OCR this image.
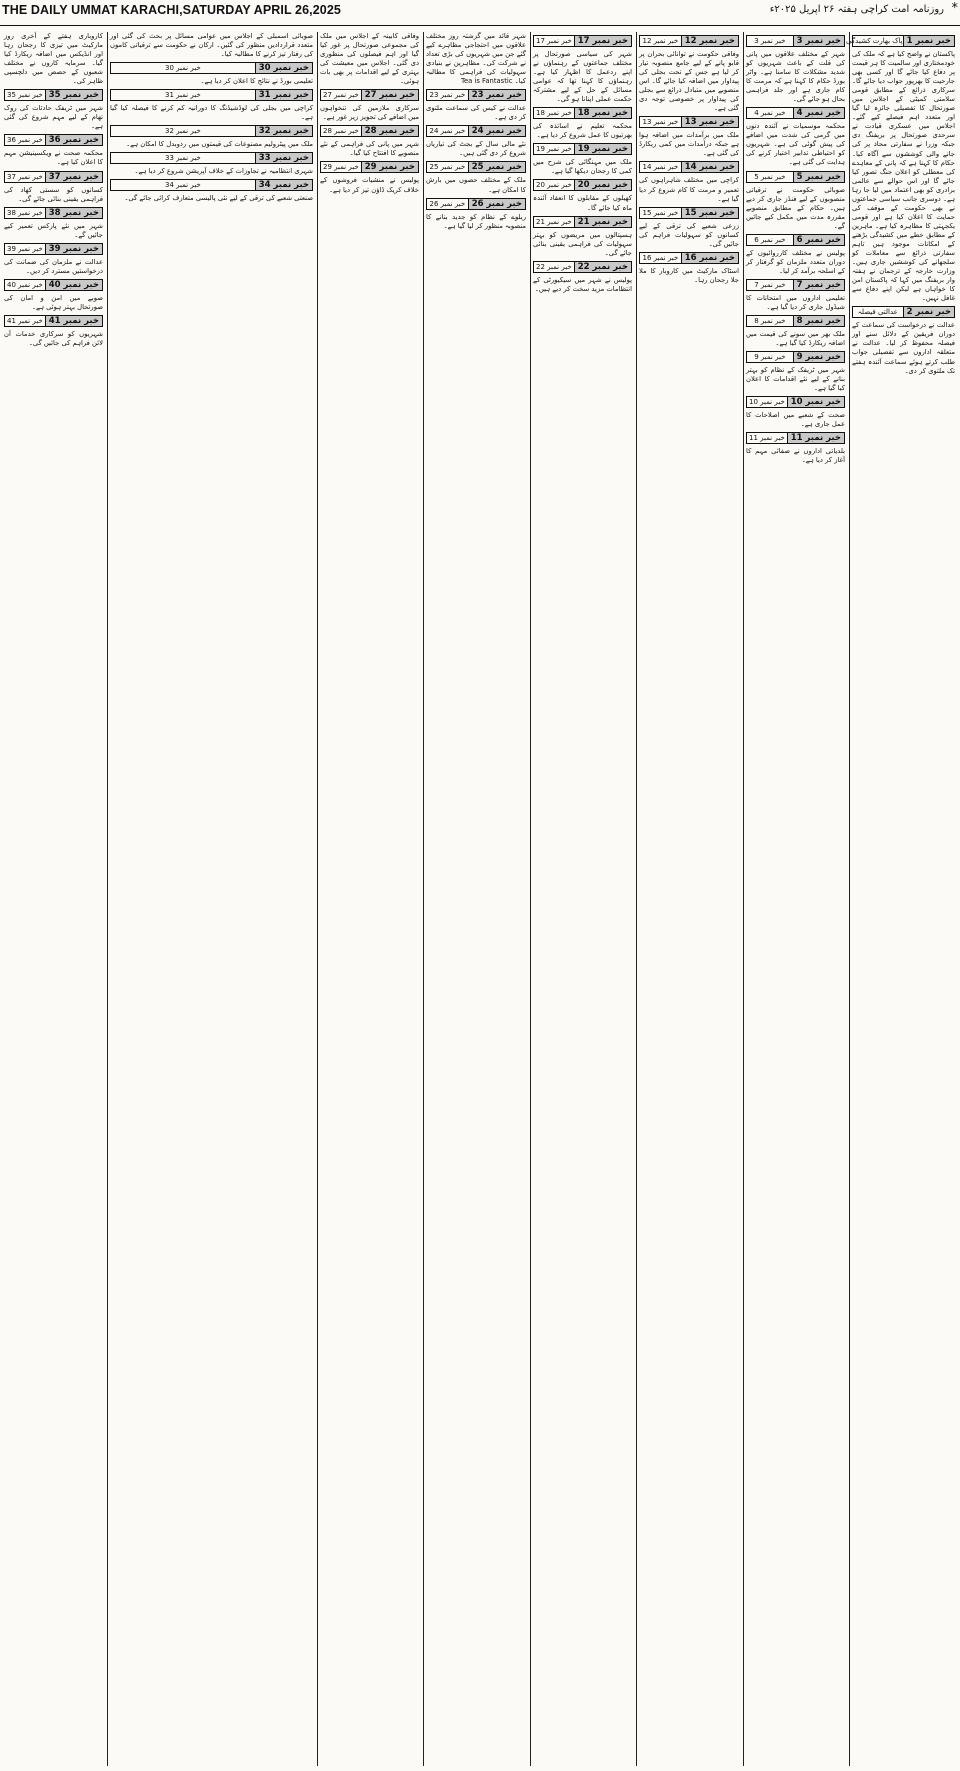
THE DAILY UMMAT KARACHI,SATURDAY APRIL 26,2025	روزنامہ امت کراچی ہفتہ ۲۶ اپریل ۲۰۲۵ء *
خبر نمبر 1
پاک بھارت کشیدگی

پاکستان نے واضح کیا ہے کہ ملک کی خودمختاری اور سالمیت کا ہر قیمت پر دفاع کیا جائے گا اور کسی بھی جارحیت کا بھرپور جواب دیا جائے گا۔ سرکاری ذرائع کے مطابق قومی سلامتی کمیٹی کے اجلاس میں صورتحال کا تفصیلی جائزہ لیا گیا اور متعدد اہم فیصلے کیے گئے۔ اجلاس میں عسکری قیادت نے سرحدی صورتحال پر بریفنگ دی جبکہ وزرا نے سفارتی محاذ پر کی جانے والی کوششوں سے آگاہ کیا۔ حکام کا کہنا ہے کہ پانی کے معاہدے کی معطلی کو اعلان جنگ تصور کیا جائے گا اور اس حوالے سے عالمی برادری کو بھی اعتماد میں لیا جا رہا ہے۔ دوسری جانب سیاسی جماعتوں نے بھی حکومت کے موقف کی حمایت کا اعلان کیا ہے اور قومی یکجہتی کا مظاہرہ کیا ہے۔ ماہرین کے مطابق خطے میں کشیدگی بڑھنے کے امکانات موجود ہیں تاہم سفارتی ذرائع سے معاملات کو سلجھانے کی کوششیں جاری ہیں۔ وزارت خارجہ کے ترجمان نے ہفتہ وار بریفنگ میں کہا کہ پاکستان امن کا خواہاں ہے لیکن اپنے دفاع سے غافل نہیں۔

خبر نمبر 2
عدالتی فیصلہ

عدالت نے درخواست کی سماعت کے دوران فریقین کے دلائل سنے اور فیصلہ محفوظ کر لیا۔ عدالت نے متعلقہ اداروں سے تفصیلی جواب طلب کرتے ہوئے سماعت آئندہ ہفتے تک ملتوی کر دی۔

خبر نمبر 3
خبر نمبر 3

شہر کے مختلف علاقوں میں پانی کی قلت کے باعث شہریوں کو شدید مشکلات کا سامنا ہے۔ واٹر بورڈ حکام کا کہنا ہے کہ مرمت کا کام جاری ہے اور جلد فراہمی بحال ہو جائے گی۔

خبر نمبر 4
خبر نمبر 4

محکمہ موسمیات نے آئندہ دنوں میں گرمی کی شدت میں اضافے کی پیش گوئی کی ہے۔ شہریوں کو احتیاطی تدابیر اختیار کرنے کی ہدایت کی گئی ہے۔

خبر نمبر 5
خبر نمبر 5

صوبائی حکومت نے ترقیاتی منصوبوں کے لیے فنڈز جاری کر دیے ہیں۔ حکام کے مطابق منصوبے مقررہ مدت میں مکمل کیے جائیں گے۔

خبر نمبر 6
خبر نمبر 6

پولیس نے مختلف کارروائیوں کے دوران متعدد ملزمان کو گرفتار کر کے اسلحہ برآمد کر لیا۔

خبر نمبر 7
خبر نمبر 7

تعلیمی اداروں میں امتحانات کا شیڈول جاری کر دیا گیا ہے۔

خبر نمبر 8
خبر نمبر 8

ملک بھر میں سونے کی قیمت میں اضافہ ریکارڈ کیا گیا ہے۔

خبر نمبر 9
خبر نمبر 9

شہر میں ٹریفک کے نظام کو بہتر بنانے کے لیے نئے اقدامات کا اعلان کیا گیا ہے۔

خبر نمبر 10
خبر نمبر 10

صحت کے شعبے میں اصلاحات کا عمل جاری ہے۔

خبر نمبر 11
خبر نمبر 11

بلدیاتی اداروں نے صفائی مہم کا آغاز کر دیا ہے۔

خبر نمبر 12
خبر نمبر 12

وفاقی حکومت نے توانائی بحران پر قابو پانے کے لیے جامع منصوبہ تیار کر لیا ہے جس کے تحت بجلی کی پیداوار میں اضافہ کیا جائے گا۔ اس منصوبے میں متبادل ذرائع سے بجلی کی پیداوار پر خصوصی توجہ دی گئی ہے۔

خبر نمبر 13
خبر نمبر 13

ملک میں برآمدات میں اضافہ ہوا ہے جبکہ درآمدات میں کمی ریکارڈ کی گئی ہے۔

خبر نمبر 14
خبر نمبر 14

کراچی میں مختلف شاہراہوں کی تعمیر و مرمت کا کام شروع کر دیا گیا ہے۔

خبر نمبر 15
خبر نمبر 15

زرعی شعبے کی ترقی کے لیے کسانوں کو سہولیات فراہم کی جائیں گی۔

خبر نمبر 16
خبر نمبر 16

اسٹاک مارکیٹ میں کاروبار کا ملا جلا رجحان رہا۔

خبر نمبر 17
خبر نمبر 17

شہر کی سیاسی صورتحال پر مختلف جماعتوں کے رہنماؤں نے اپنے ردعمل کا اظہار کیا ہے۔ رہنماؤں کا کہنا تھا کہ عوامی مسائل کے حل کے لیے مشترکہ حکمت عملی اپنانا ہو گی۔

خبر نمبر 18
خبر نمبر 18

محکمہ تعلیم نے اساتذہ کی بھرتیوں کا عمل شروع کر دیا ہے۔

خبر نمبر 19
خبر نمبر 19

ملک میں مہنگائی کی شرح میں کمی کا رجحان دیکھا گیا ہے۔

خبر نمبر 20
خبر نمبر 20

کھیلوں کے مقابلوں کا انعقاد آئندہ ماہ کیا جائے گا۔

خبر نمبر 21
خبر نمبر 21

ہسپتالوں میں مریضوں کو بہتر سہولیات کی فراہمی یقینی بنائی جائے گی۔

خبر نمبر 22
خبر نمبر 22

پولیس نے شہر میں سیکیورٹی کے انتظامات مزید سخت کر دیے ہیں۔

شہر قائد میں گزشتہ روز مختلف علاقوں میں احتجاجی مظاہرے کیے گئے جن میں شہریوں کی بڑی تعداد نے شرکت کی۔ مظاہرین نے بنیادی سہولیات کی فراہمی کا مطالبہ کیا۔ Tea is Fantastic

خبر نمبر 23
خبر نمبر 23

عدالت نے کیس کی سماعت ملتوی کر دی ہے۔

خبر نمبر 24
خبر نمبر 24

نئے مالی سال کے بجٹ کی تیاریاں شروع کر دی گئی ہیں۔

خبر نمبر 25
خبر نمبر 25

ملک کے مختلف حصوں میں بارش کا امکان ہے۔

خبر نمبر 26
خبر نمبر 26

ریلوے کے نظام کو جدید بنانے کا منصوبہ منظور کر لیا گیا ہے۔

وفاقی کابینہ کے اجلاس میں ملک کی مجموعی صورتحال پر غور کیا گیا اور اہم فیصلوں کی منظوری دی گئی۔ اجلاس میں معیشت کی بہتری کے لیے اقدامات پر بھی بات ہوئی۔

خبر نمبر 27
خبر نمبر 27

سرکاری ملازمین کی تنخواہوں میں اضافے کی تجویز زیر غور ہے۔

خبر نمبر 28
خبر نمبر 28

شہر میں پانی کی فراہمی کے نئے منصوبے کا افتتاح کیا گیا۔

خبر نمبر 29
خبر نمبر 29

پولیس نے منشیات فروشوں کے خلاف کریک ڈاؤن تیز کر دیا ہے۔

صوبائی اسمبلی کے اجلاس میں عوامی مسائل پر بحث کی گئی اور متعدد قراردادیں منظور کی گئیں۔ ارکان نے حکومت سے ترقیاتی کاموں کی رفتار تیز کرنے کا مطالبہ کیا۔

خبر نمبر 30
خبر نمبر 30

تعلیمی بورڈ نے نتائج کا اعلان کر دیا ہے۔

خبر نمبر 31
خبر نمبر 31

کراچی میں بجلی کی لوڈشیڈنگ کا دورانیہ کم کرنے کا فیصلہ کیا گیا ہے۔

خبر نمبر 32
خبر نمبر 32

ملک میں پیٹرولیم مصنوعات کی قیمتوں میں ردوبدل کا امکان ہے۔

خبر نمبر 33
خبر نمبر 33

شہری انتظامیہ نے تجاوزات کے خلاف آپریشن شروع کر دیا ہے۔

خبر نمبر 34
خبر نمبر 34

صنعتی شعبے کی ترقی کے لیے نئی پالیسی متعارف کرائی جائے گی۔

کاروباری ہفتے کے آخری روز مارکیٹ میں تیزی کا رجحان رہا اور انڈیکس میں اضافہ ریکارڈ کیا گیا۔ سرمایہ کاروں نے مختلف شعبوں کے حصص میں دلچسپی ظاہر کی۔

خبر نمبر 35
خبر نمبر 35

شہر میں ٹریفک حادثات کی روک تھام کے لیے مہم شروع کی گئی ہے۔

خبر نمبر 36
خبر نمبر 36

محکمہ صحت نے ویکسینیشن مہم کا اعلان کیا ہے۔

خبر نمبر 37
خبر نمبر 37

کسانوں کو سستی کھاد کی فراہمی یقینی بنائی جائے گی۔

خبر نمبر 38
خبر نمبر 38

شہر میں نئے پارکس تعمیر کیے جائیں گے۔

خبر نمبر 39
خبر نمبر 39

عدالت نے ملزمان کی ضمانت کی درخواستیں مسترد کر دیں۔

خبر نمبر 40
خبر نمبر 40

صوبے میں امن و امان کی صورتحال بہتر ہوئی ہے۔

خبر نمبر 41
خبر نمبر 41

شہریوں کو سرکاری خدمات آن لائن فراہم کی جائیں گی۔
